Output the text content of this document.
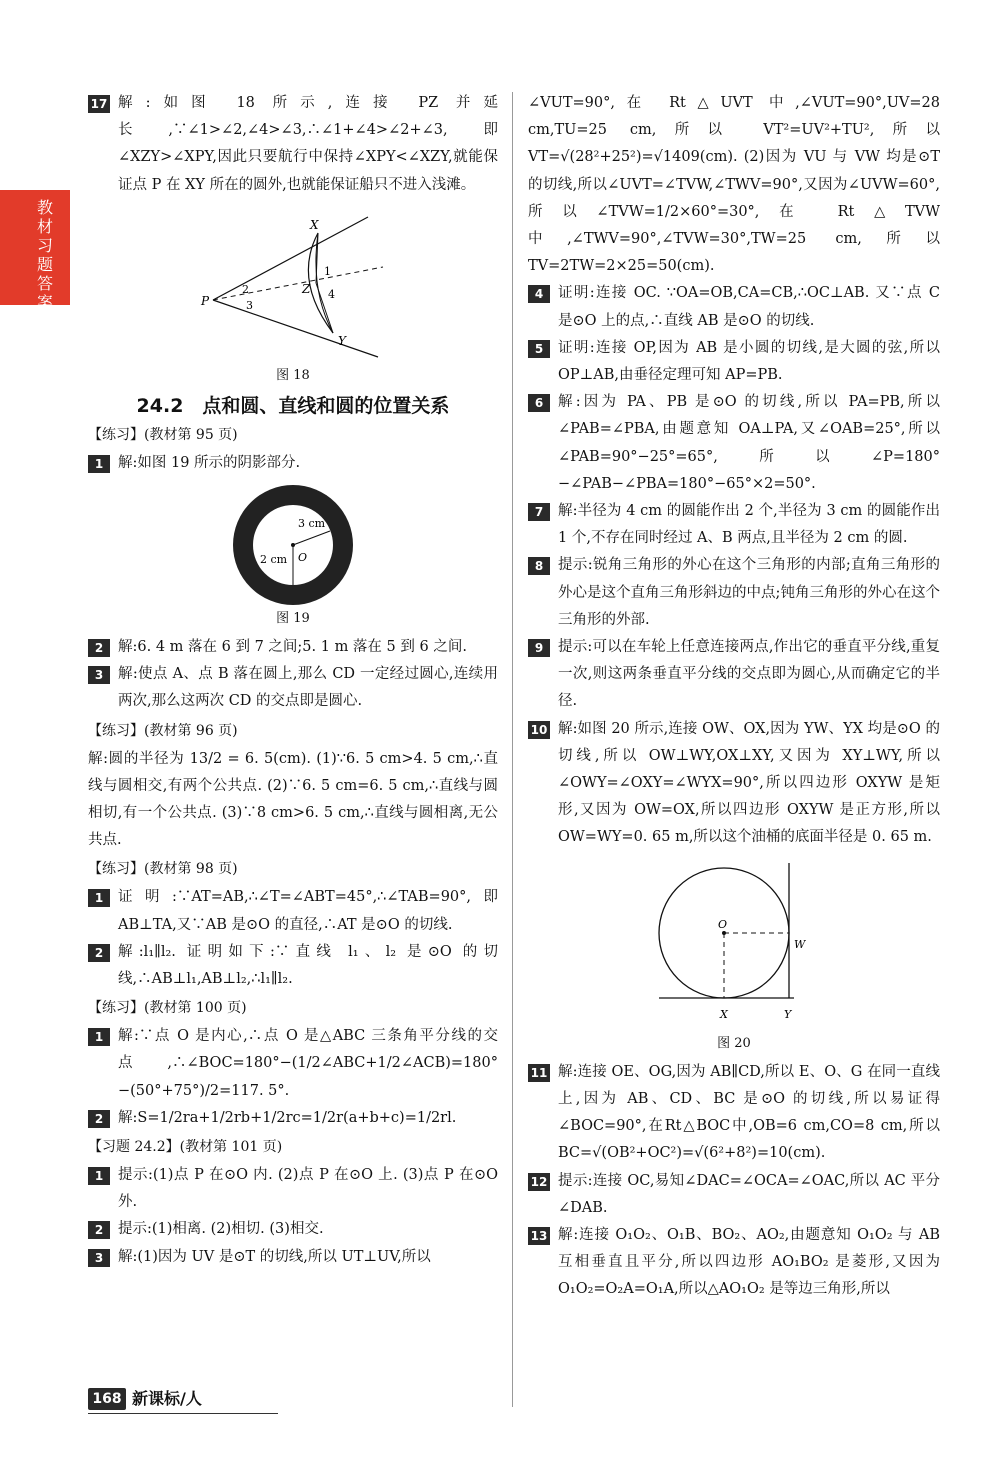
教材习题答案

17 解:如图 18 所示,连接 PZ 并延长,∵∠1>∠2,∠4>∠3,∴∠1+∠4>∠2+∠3,即∠XZY>∠XPY,因此只要航行中保持∠XPY<∠XZY,就能保证点 P 在 XY 所在的圆外,也就能保证船只不进入浅滩。

X
Y
Z
P
1
2
3
4

图 18

24.2　点和圆、直线和圆的位置关系

【练习】(教材第 95 页)

1	解:如图 19 所示的阴影部分.

3 cm
2 cm O

图 19

2	解:6. 4 m 落在 6 到 7 之间;5. 1 m 落在 5 到 6 之间.

3	解:使点 A、点 B 落在圆上,那么 CD 一定经过圆心,连续用两次,那么这两次 CD 的交点即是圆心.

【练习】(教材第 96 页)

解:圆的半径为 13/2 = 6. 5(cm). (1)∵6. 5 cm>4. 5 cm,∴直线与圆相交,有两个公共点. (2)∵6. 5 cm=6. 5 cm,∴直线与圆相切,有一个公共点. (3)∵8 cm>6. 5 cm,∴直线与圆相离,无公共点.

【练习】(教材第 98 页)

1	证明:∵AT=AB,∴∠T=∠ABT=45°,∴∠TAB=90°,即 AB⊥TA,又∵AB 是⊙O 的直径,∴AT 是⊙O 的切线.

2	解:l₁∥l₂. 证明如下:∵直线 l₁、l₂ 是⊙O 的切线,∴AB⊥l₁,AB⊥l₂,∴l₁∥l₂.

【练习】(教材第 100 页)

1	解:∵点 O 是内心,∴点 O 是△ABC 三条角平分线的交点,∴∠BOC=180°−(1/2∠ABC+1/2∠ACB)=180°−(50°+75°)/2=117. 5°.

2	解:S=1/2ra+1/2rb+1/2rc=1/2r(a+b+c)=1/2rl.

【习题 24.2】(教材第 101 页)

1	提示:(1)点 P 在⊙O 内. (2)点 P 在⊙O 上. (3)点 P 在⊙O 外.

2	提示:(1)相离. (2)相切. (3)相交.

3	解:(1)因为 UV 是⊙T 的切线,所以 UT⊥UV,所以

∠VUT=90°,在 Rt△UVT 中,∠VUT=90°,UV=28 cm,TU=25 cm,所以 VT²=UV²+TU²,所以 VT=√(28²+25²)=√1409(cm). (2)因为 VU 与 VW 均是⊙T 的切线,所以∠UVT=∠TVW,∠TWV=90°,又因为∠UVW=60°,所以∠TVW=1/2×60°=30°,在 Rt△TVW中,∠TWV=90°,∠TVW=30°,TW=25 cm,所以 TV=2TW=2×25=50(cm).

4	证明:连接 OC. ∵OA=OB,CA=CB,∴OC⊥AB. 又∵点 C 是⊙O 上的点,∴直线 AB 是⊙O 的切线.

5	证明:连接 OP,因为 AB 是小圆的切线,是大圆的弦,所以 OP⊥AB,由垂径定理可知 AP=PB.

6	解:因为 PA、PB 是⊙O 的切线,所以 PA=PB,所以∠PAB=∠PBA,由题意知 OA⊥PA,又∠OAB=25°,所以∠PAB=90°−25°=65°,所以∠P=180°−∠PAB−∠PBA=180°−65°×2=50°.

7	解:半径为 4 cm 的圆能作出 2 个,半径为 3 cm 的圆能作出 1 个,不存在同时经过 A、B 两点,且半径为 2 cm 的圆.

8	提示:锐角三角形的外心在这个三角形的内部;直角三角形的外心是这个直角三角形斜边的中点;钝角三角形的外心在这个三角形的外部.

9	提示:可以在车轮上任意连接两点,作出它的垂直平分线,重复一次,则这两条垂直平分线的交点即为圆心,从而确定它的半径.

10 解:如图 20 所示,连接 OW、OX,因为 YW、YX 均是⊙O 的切线,所以 OW⊥WY,OX⊥XY,又因为 XY⊥WY,所以∠OWY=∠OXY=∠WYX=90°,所以四边形 OXYW 是矩形,又因为 OW=OX,所以四边形 OXYW 是正方形,所以 OW=WY=0. 65 m,所以这个油桶的底面半径是 0. 65 m.

O
W
X	Y

图 20

11 解:连接 OE、OG,因为 AB∥CD,所以 E、O、G 在同一直线上,因为 AB、CD、BC 是⊙O 的切线,所以易证得∠BOC=90°,在Rt△BOC中,OB=6 cm,CO=8 cm,所以 BC=√(OB²+OC²)=√(6²+8²)=10(cm).

12 提示:连接 OC,易知∠DAC=∠OCA=∠OAC,所以 AC 平分∠DAB.

13 解:连接 O₁O₂、O₁B、BO₂、AO₂,由题意知 O₁O₂ 与 AB 互相垂直且平分,所以四边形 AO₁BO₂ 是菱形,又因为 O₁O₂=O₂A=O₁A,所以△AO₁O₂ 是等边三角形,所以

168 新课标/人
